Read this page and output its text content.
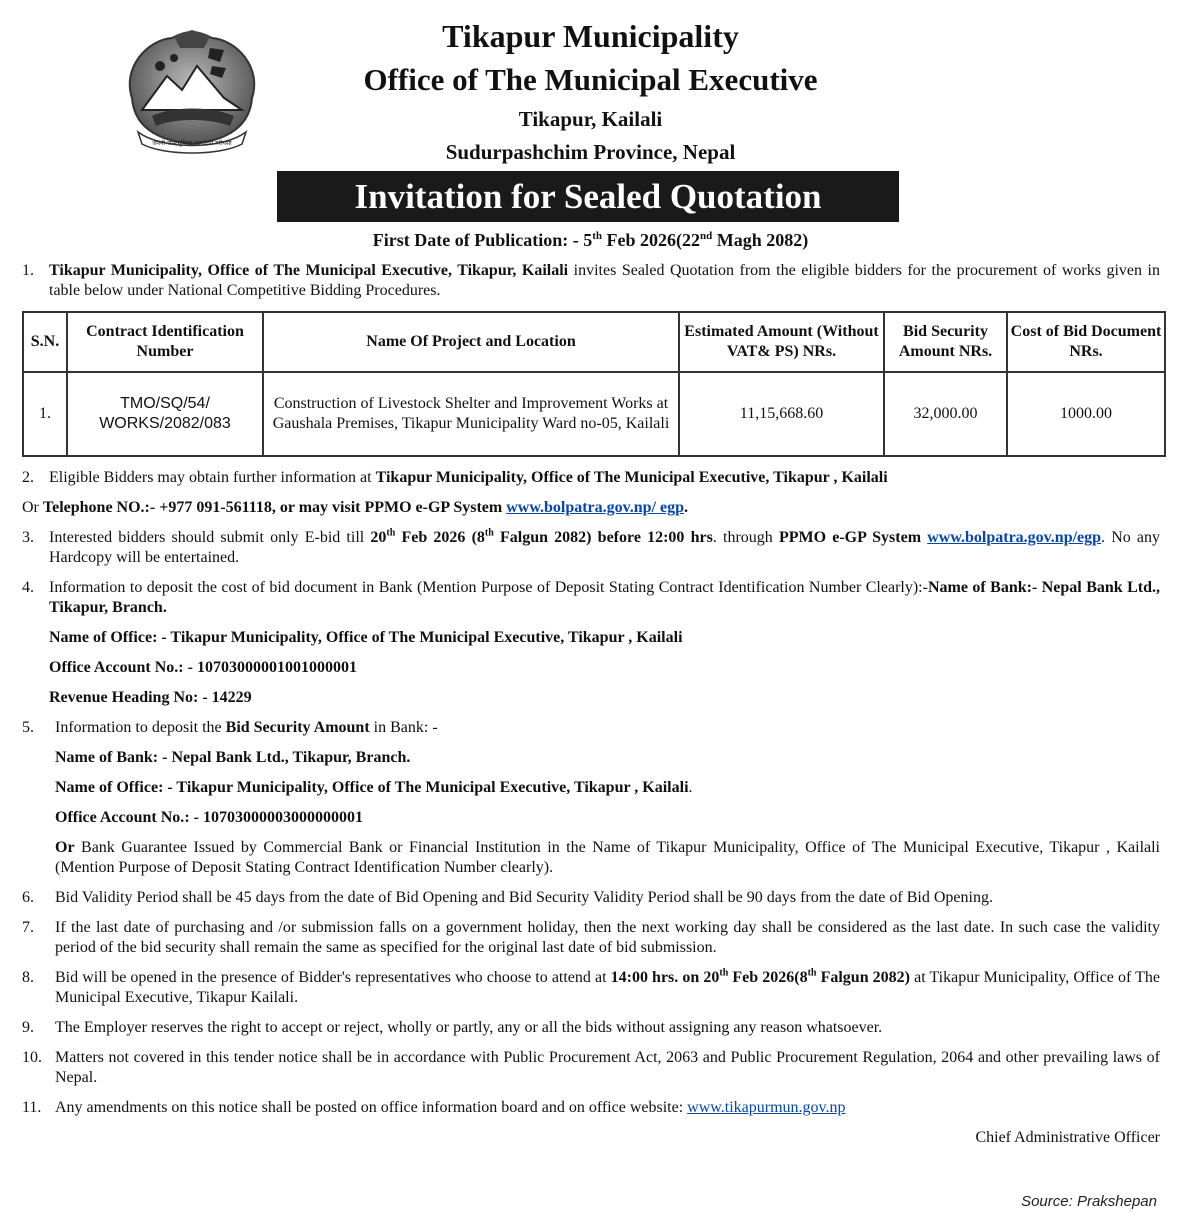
जननी जन्मभूमिश्च स्वर्गादपि गरीयसी
Tikapur Municipality
Office of The Municipal Executive
Tikapur, Kailali
Sudurpashchim Province, Nepal
Invitation for Sealed Quotation
First Date of Publication: - 5th Feb 2026(22nd Magh 2082)
1. Tikapur Municipality, Office of The Municipal Executive, Tikapur, Kailali invites Sealed Quotation from the eligible bidders for the procurement of works given in table below under National Competitive Bidding Procedures.
S.N.	Contract Identification Number	Name Of Project and Location	Estimated Amount (Without VAT& PS) NRs.	Bid Security Amount NRs.	Cost of Bid Document NRs.
1.	TMO/SQ/54/ WORKS/2082/083	Construction of Livestock Shelter and Improvement Works at Gaushala Premises, Tikapur Municipality Ward no-05, Kailali	11,15,668.60	32,000.00	1000.00
2. Eligible Bidders may obtain further information at Tikapur Municipality, Office of The Municipal Executive, Tikapur , Kailali
Or Telephone NO.:- +977 091-561118, or may visit PPMO e-GP System www.bolpatra.gov.np/ egp.
3. Interested bidders should submit only E-bid till 20th Feb 2026 (8th Falgun 2082) before 12:00 hrs. through PPMO e-GP System www.bolpatra.gov.np/egp. No any Hardcopy will be entertained.
4. Information to deposit the cost of bid document in Bank (Mention Purpose of Deposit Stating Contract Identification Number Clearly):-Name of Bank:- Nepal Bank Ltd., Tikapur, Branch.
Name of Office: - Tikapur Municipality, Office of The Municipal Executive, Tikapur , Kailali
Office Account No.: - 10703000001001000001
Revenue Heading No: - 14229
5. Information to deposit the Bid Security Amount in Bank: -
Name of Bank: - Nepal Bank Ltd., Tikapur, Branch.
Name of Office: - Tikapur Municipality, Office of The Municipal Executive, Tikapur , Kailali.
Office Account No.: - 10703000003000000001
Or Bank Guarantee Issued by Commercial Bank or Financial Institution in the Name of Tikapur Municipality, Office of The Municipal Executive, Tikapur , Kailali (Mention Purpose of Deposit Stating Contract Identification Number clearly).
6. Bid Validity Period shall be 45 days from the date of Bid Opening and Bid Security Validity Period shall be 90 days from the date of Bid Opening.
7. If the last date of purchasing and /or submission falls on a government holiday, then the next working day shall be considered as the last date. In such case the validity period of the bid security shall remain the same as specified for the original last date of bid submission.
8. Bid will be opened in the presence of Bidder's representatives who choose to attend at 14:00 hrs. on 20th Feb 2026(8th Falgun 2082) at Tikapur Municipality, Office of The Municipal Executive, Tikapur Kailali.
9. The Employer reserves the right to accept or reject, wholly or partly, any or all the bids without assigning any reason whatsoever.
10. Matters not covered in this tender notice shall be in accordance with Public Procurement Act, 2063 and Public Procurement Regulation, 2064 and other prevailing laws of Nepal.
11. Any amendments on this notice shall be posted on office information board and on office website: www.tikapurmun.gov.np
Chief Administrative Officer
Source: Prakshepan
